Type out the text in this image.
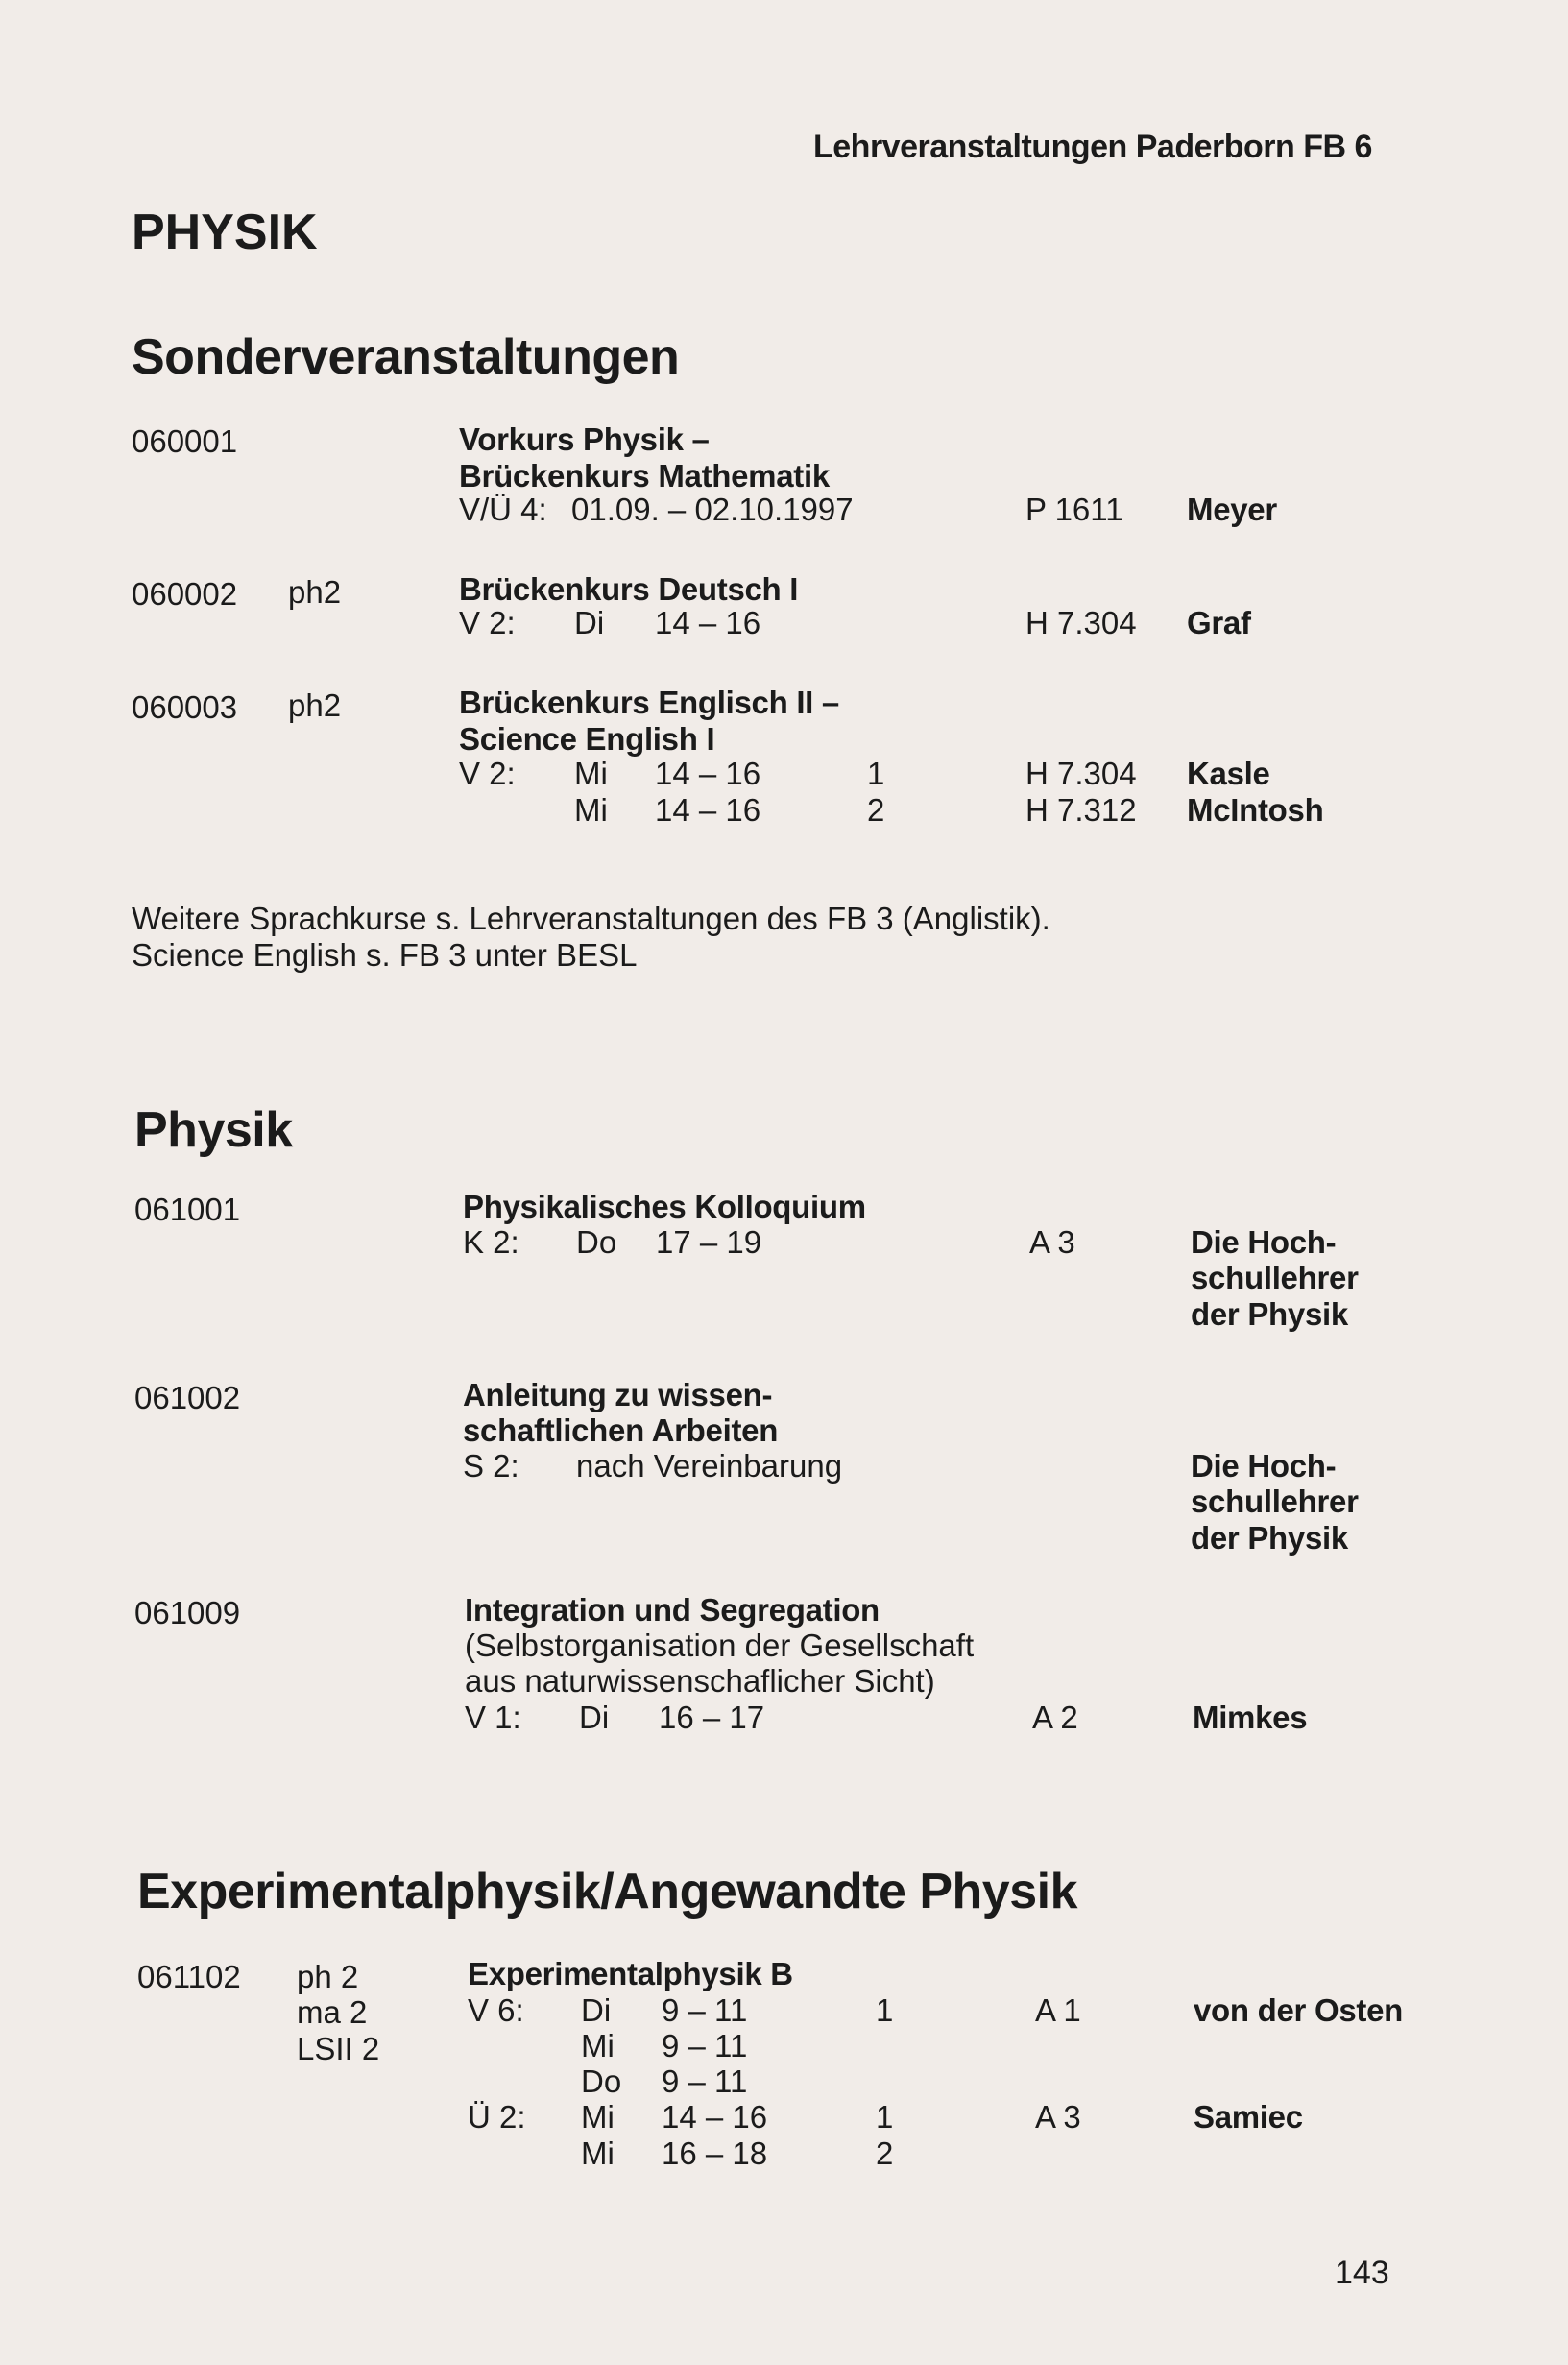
Lehrveranstaltungen Paderborn FB 6
PHYSIK
Sonderveranstaltungen
060001	Vorkurs Physik –
Brückenkurs Mathematik
V/Ü 4: 01.09. – 02.10.1997	P 1611 Meyer
060002 ph2	Brückenkurs Deutsch I
V 2: Di 14 – 16	H 7.304 Graf
060003 ph2	Brückenkurs Englisch II –
Science English I
V 2: Mi 14 – 16	1	H 7.304 Kasle
Mi 14 – 16	2	H 7.312 McIntosh
Weitere Sprachkurse s. Lehrveranstaltungen des FB 3 (Anglistik).
Science English s. FB 3 unter BESL
Physik
061001	Physikalisches Kolloquium
K 2: Do 17 – 19	A 3	Die Hoch-
schullehrer
der Physik
061002	Anleitung zu wissen-
schaftlichen Arbeiten
S 2: nach Vereinbarung	Die Hoch-
schullehrer
der Physik
061009	Integration und Segregation
(Selbstorganisation der Gesellschaft
aus naturwissenschaflicher Sicht)
V 1: Di 16 – 17	A 2	Mimkes
Experimentalphysik/Angewandte Physik
061102 ph 2
ma 2
LSII 2
Experimentalphysik B
V 6: Di 9 – 11	1	A 1	von der Osten
Mi 9 – 11
Do 9 – 11
Ü 2: Mi 14 – 16	1	A 3	Samiec
Mi 16 – 18	2
143
